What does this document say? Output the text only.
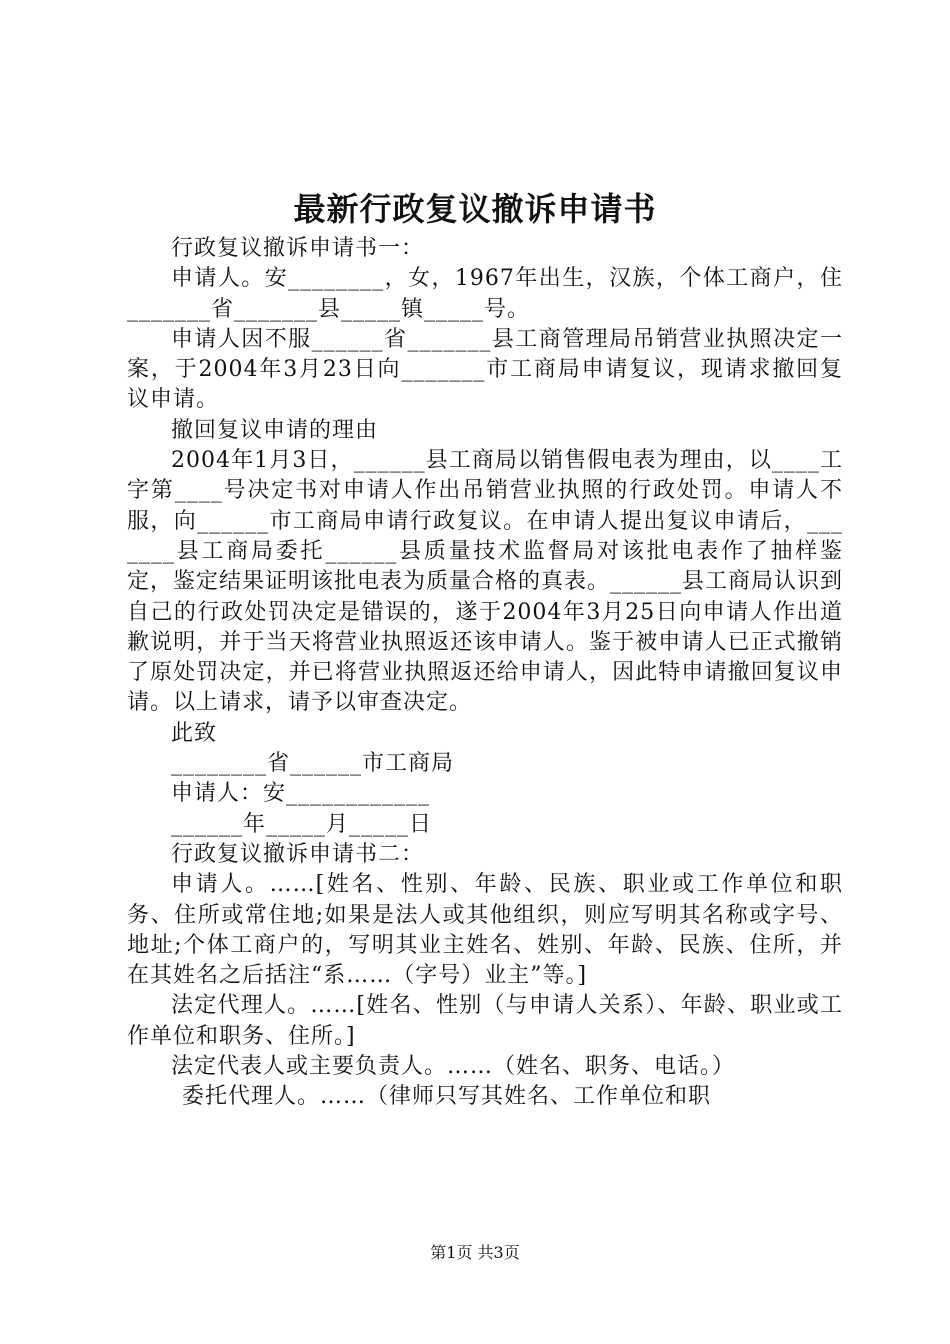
最新行政复议撤诉申请书

行政复议撤诉申请书一：

申请人。安________，女，1967年出生，汉族，个体工商户，住_______省_______县_____镇_____号。

申请人因不服______省_______县工商管理局吊销营业执照决定一案，于2004年3月23日向_______市工商局申请复议，现请求撤回复议申请。

撤回复议申请的理由

2004年1月3日，______县工商局以销售假电表为理由，以____工字第____号决定书对申请人作出吊销营业执照的行政处罚。申请人不服，向______市工商局申请行政复议。在申请人提出复议申请后，_______县工商局委托______县质量技术监督局对该批电表作了抽样鉴定，鉴定结果证明该批电表为质量合格的真表。______县工商局认识到自己的行政处罚决定是错误的，遂于2004年3月25日向申请人作出道歉说明，并于当天将营业执照返还该申请人。鉴于被申请人已正式撤销了原处罚决定，并已将营业执照返还给申请人，因此特申请撤回复议申请。以上请求，请予以审查决定。

此致

________省______市工商局

申请人：安____________

______年_____月_____日

行政复议撤诉申请书二：

申请人。……[姓名、性别、年龄、民族、职业或工作单位和职务、住所或常住地;如果是法人或其他组织，则应写明其名称或字号、地址;个体工商户的，写明其业主姓名、姓别、年龄、民族、住所，并在其姓名之后括注“系……（字号）业主”等。]

法定代理人。……[姓名、性别（与申请人关系）、年龄、职业或工作单位和职务、住所。]

法定代表人或主要负责人。……（姓名、职务、电话。）

委托代理人。……（律师只写其姓名、工作单位和职

第1页 共3页
